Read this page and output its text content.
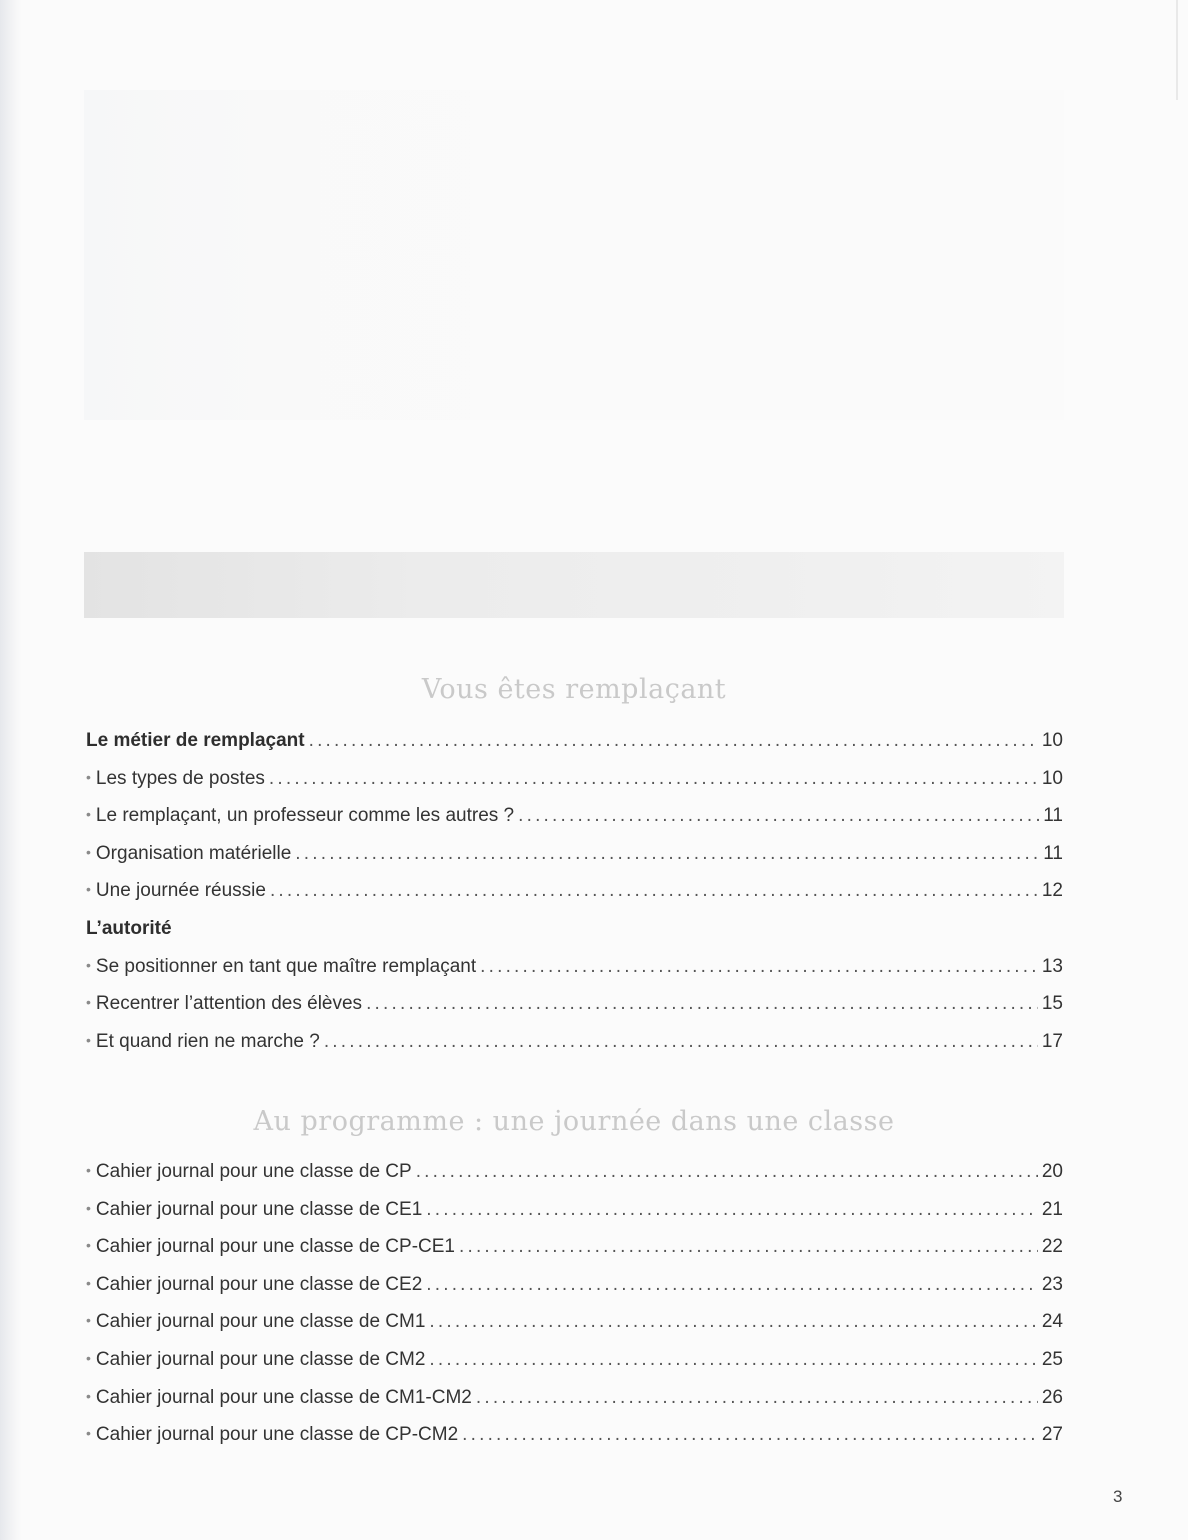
Vous êtes remplaçant
Le métier de remplaçant .....	10
• Les types de postes .....	10
• Le remplaçant, un professeur comme les autres ? .....	11
• Organisation matérielle .....	11
• Une journée réussie .....	12
L’autorité
• Se positionner en tant que maître remplaçant .....	13
• Recentrer l’attention des élèves .....	15
• Et quand rien ne marche ? .....	17
Au programme : une journée dans une classe
• Cahier journal pour une classe de CP .....	20
• Cahier journal pour une classe de CE1 .....	21
• Cahier journal pour une classe de CP-CE1 .....	22
• Cahier journal pour une classe de CE2 .....	23
• Cahier journal pour une classe de CM1 .....	24
• Cahier journal pour une classe de CM2 .....	25
• Cahier journal pour une classe de CM1-CM2 .....	26
• Cahier journal pour une classe de CP-CM2 .....	27
3
